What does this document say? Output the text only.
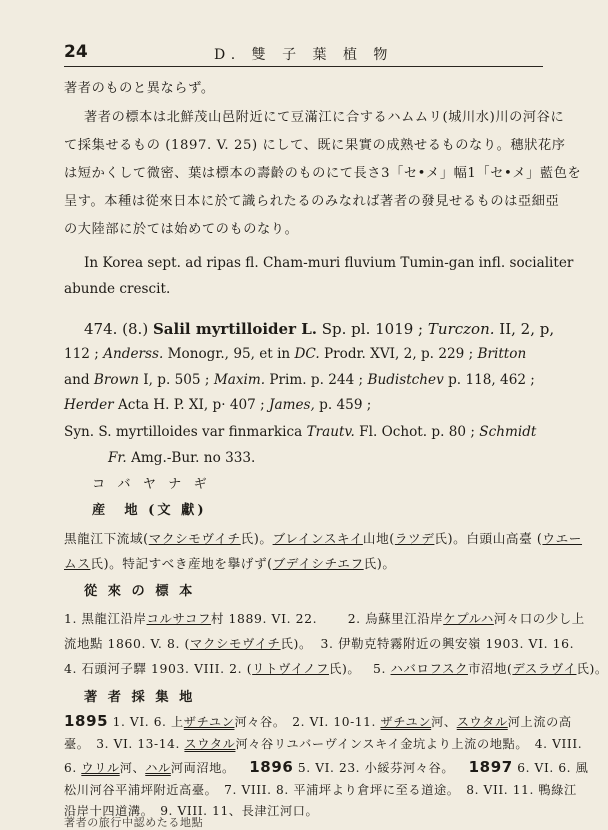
24	D. 雙 子 葉 植 物
著者のものと異ならず。
著者の標本は北鮮茂山邑附近にて豆滿江に合するハムムリ(城川水)川の河谷に
て採集せるもの (1897. V. 25) にして、既に果實の成熟せるものなり。穗狀花序
は短かくして微密、葉は標本の壽齡のものにて長さ3「セ•メ」幅1「セ•メ」藍色を
呈す。本種は從來日本に於て識られたるのみなれば著者の發見せるものは亞細亞
の大陸部に於ては始めてのものなり。
In Korea sept. ad ripas fl. Cham-muri fluvium Tumin-gan infl. socialiter
abunde crescit.
474. (8.) Salil myrtilloider L. Sp. pl. 1019 ; Turczon. II, 2, p,
112 ; Anderss. Monogr., 95, et in DC. Prodr. XVI, 2, p. 229 ; Britton
and Brown I, p. 505 ; Maxim. Prim. p. 244 ; Budistchev p. 118, 462 ;
Herder Acta H. P. XI, p· 407 ; James, p. 459 ;
Syn. S. myrtilloides var finmarkica Trautv. Fl. Ochot. p. 80 ; Schmidt
Fr. Amg.-Bur. no 333.
コ バ ヤ ナ ギ
産　地 (文 獻)
黒龍江下流域(マクシモヴイチ氏)。ブレインスキイ山地(ラツデ氏)。白頭山高臺 (ウエー
ムス氏)。特記すべき産地を擧げず(ブデイシチエフ氏)。
從 來 の 標 本
1. 黒龍江沿岸コルサコフ村 1889. VI. 22. 2. 烏蘇里江沿岸ケプルハ河々口の少し上
流地點 1860. V. 8. (マクシモヴイチ氏)。 3. 伊勒克特霧附近の興安嶺 1903. VI. 16.
4. 石頭河子驛 1903. VIII. 2. (リトヴイノフ氏)。 5. ハバロフスク市沼地(デスラヴイ氏)。
著 者 採 集 地
1895 1. VI. 6. 上ザチユン河々谷。　2. VI. 10-11. ザチユン河、スウタル河上流の高
臺。　3. VI. 13-14. スウタル河々谷リユバーヴインスキイ金坑より上流の地點。　4. VIII.
6. ウリル河、ハル河両沼地。 1896 5. VI. 23. 小綏芬河々谷。 1897 6. VI. 6. 風
松川河谷平浦坪附近高臺。　7. VIII. 8. 平浦坪より倉坪に至る道途。　8. VII. 11. 鴨綠江
沿岸十四道溝。　9. VIII. 11、長津江河口。
著者の旅行中認めたる地點
